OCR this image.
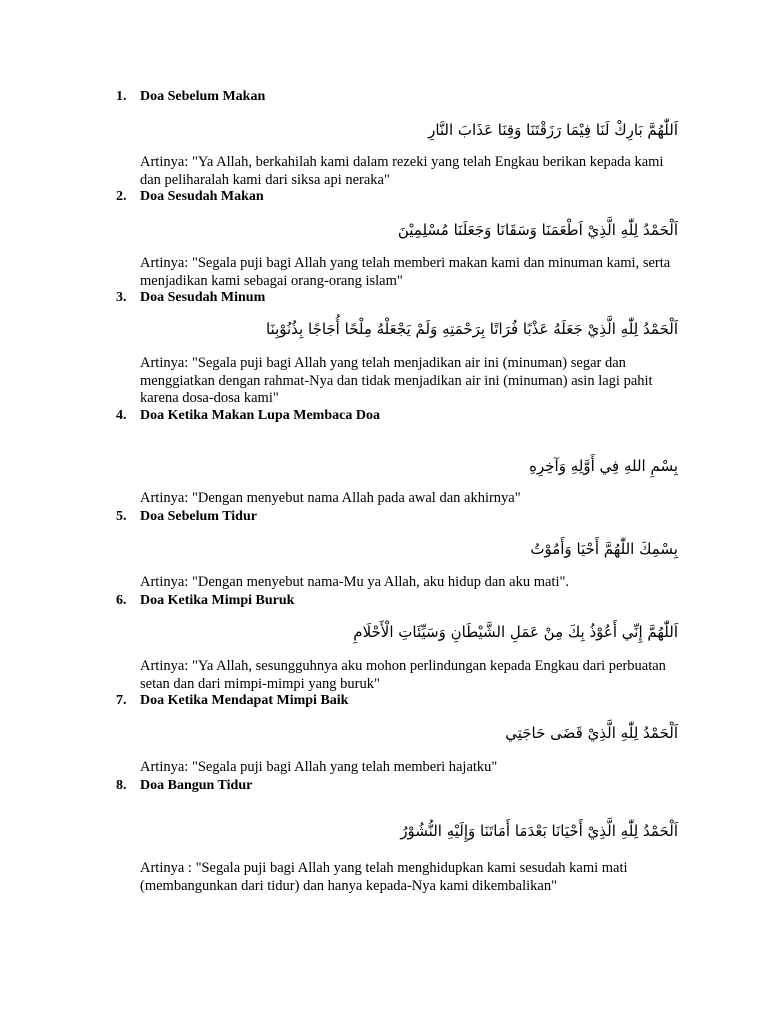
1. Doa Sebelum Makan
اَللّٰهُمَّ بَارِكْ لَنَا فِيْمَا رَزَقْتَنَا وَقِنَا عَذَابَ النَّارِ
Artinya: "Ya Allah, berkahilah kami dalam rezeki yang telah Engkau berikan kepada kami dan peliharalah kami dari siksa api neraka"
2. Doa Sesudah Makan
اَلْحَمْدُ لِلّٰهِ الَّذِيْ اَطْعَمَنَا وَسَقَانَا وَجَعَلَنَا مُسْلِمِيْنَ
Artinya: "Segala puji bagi Allah yang telah memberi makan kami dan minuman kami, serta menjadikan kami sebagai orang-orang islam"
3. Doa Sesudah Minum
اَلْحَمْدُ لِلّٰهِ الَّذِيْ جَعَلَهُ عَذْبًا فُرَاتًا بِرَحْمَتِهِ وَلَمْ يَجْعَلْهُ مِلْحًا أُجَاجًا بِذُنُوْبِنَا
Artinya: "Segala puji bagi Allah yang telah menjadikan air ini (minuman) segar dan menggiatkan dengan rahmat-Nya dan tidak menjadikan air ini (minuman) asin lagi pahit karena dosa-dosa kami"
4. Doa Ketika Makan Lupa Membaca Doa
بِسْمِ اللهِ فِي أَوَّلِهِ وَآخِرِهِ
Artinya: "Dengan menyebut nama Allah pada awal dan akhirnya"
5. Doa Sebelum Tidur
بِسْمِكَ اللّٰهُمَّ أَحْيَا وَأَمُوْتُ
Artinya: "Dengan menyebut nama-Mu ya Allah, aku hidup dan aku mati".
6. Doa Ketika Mimpi Buruk
اَللّٰهُمَّ إِنِّي أَعُوْذُ بِكَ مِنْ عَمَلِ الشَّيْطَانِ وَسَيِّئَاتِ الْأَحْلَامِ
Artinya: "Ya Allah, sesungguhnya aku mohon perlindungan kepada Engkau dari perbuatan setan dan dari mimpi-mimpi yang buruk"
7. Doa Ketika Mendapat Mimpi Baik
اَلْحَمْدُ لِلّٰهِ الَّذِيْ قَضَى حَاجَتِي
Artinya: "Segala puji bagi Allah yang telah memberi hajatku"
8. Doa Bangun Tidur
اَلْحَمْدُ لِلّٰهِ الَّذِيْ أَحْيَانَا بَعْدَمَا أَمَاتَنَا وَإِلَيْهِ النُّشُوْرُ
Artinya : "Segala puji bagi Allah yang telah menghidupkan kami sesudah kami mati (membangunkan dari tidur) dan hanya kepada-Nya kami dikembalikan"
